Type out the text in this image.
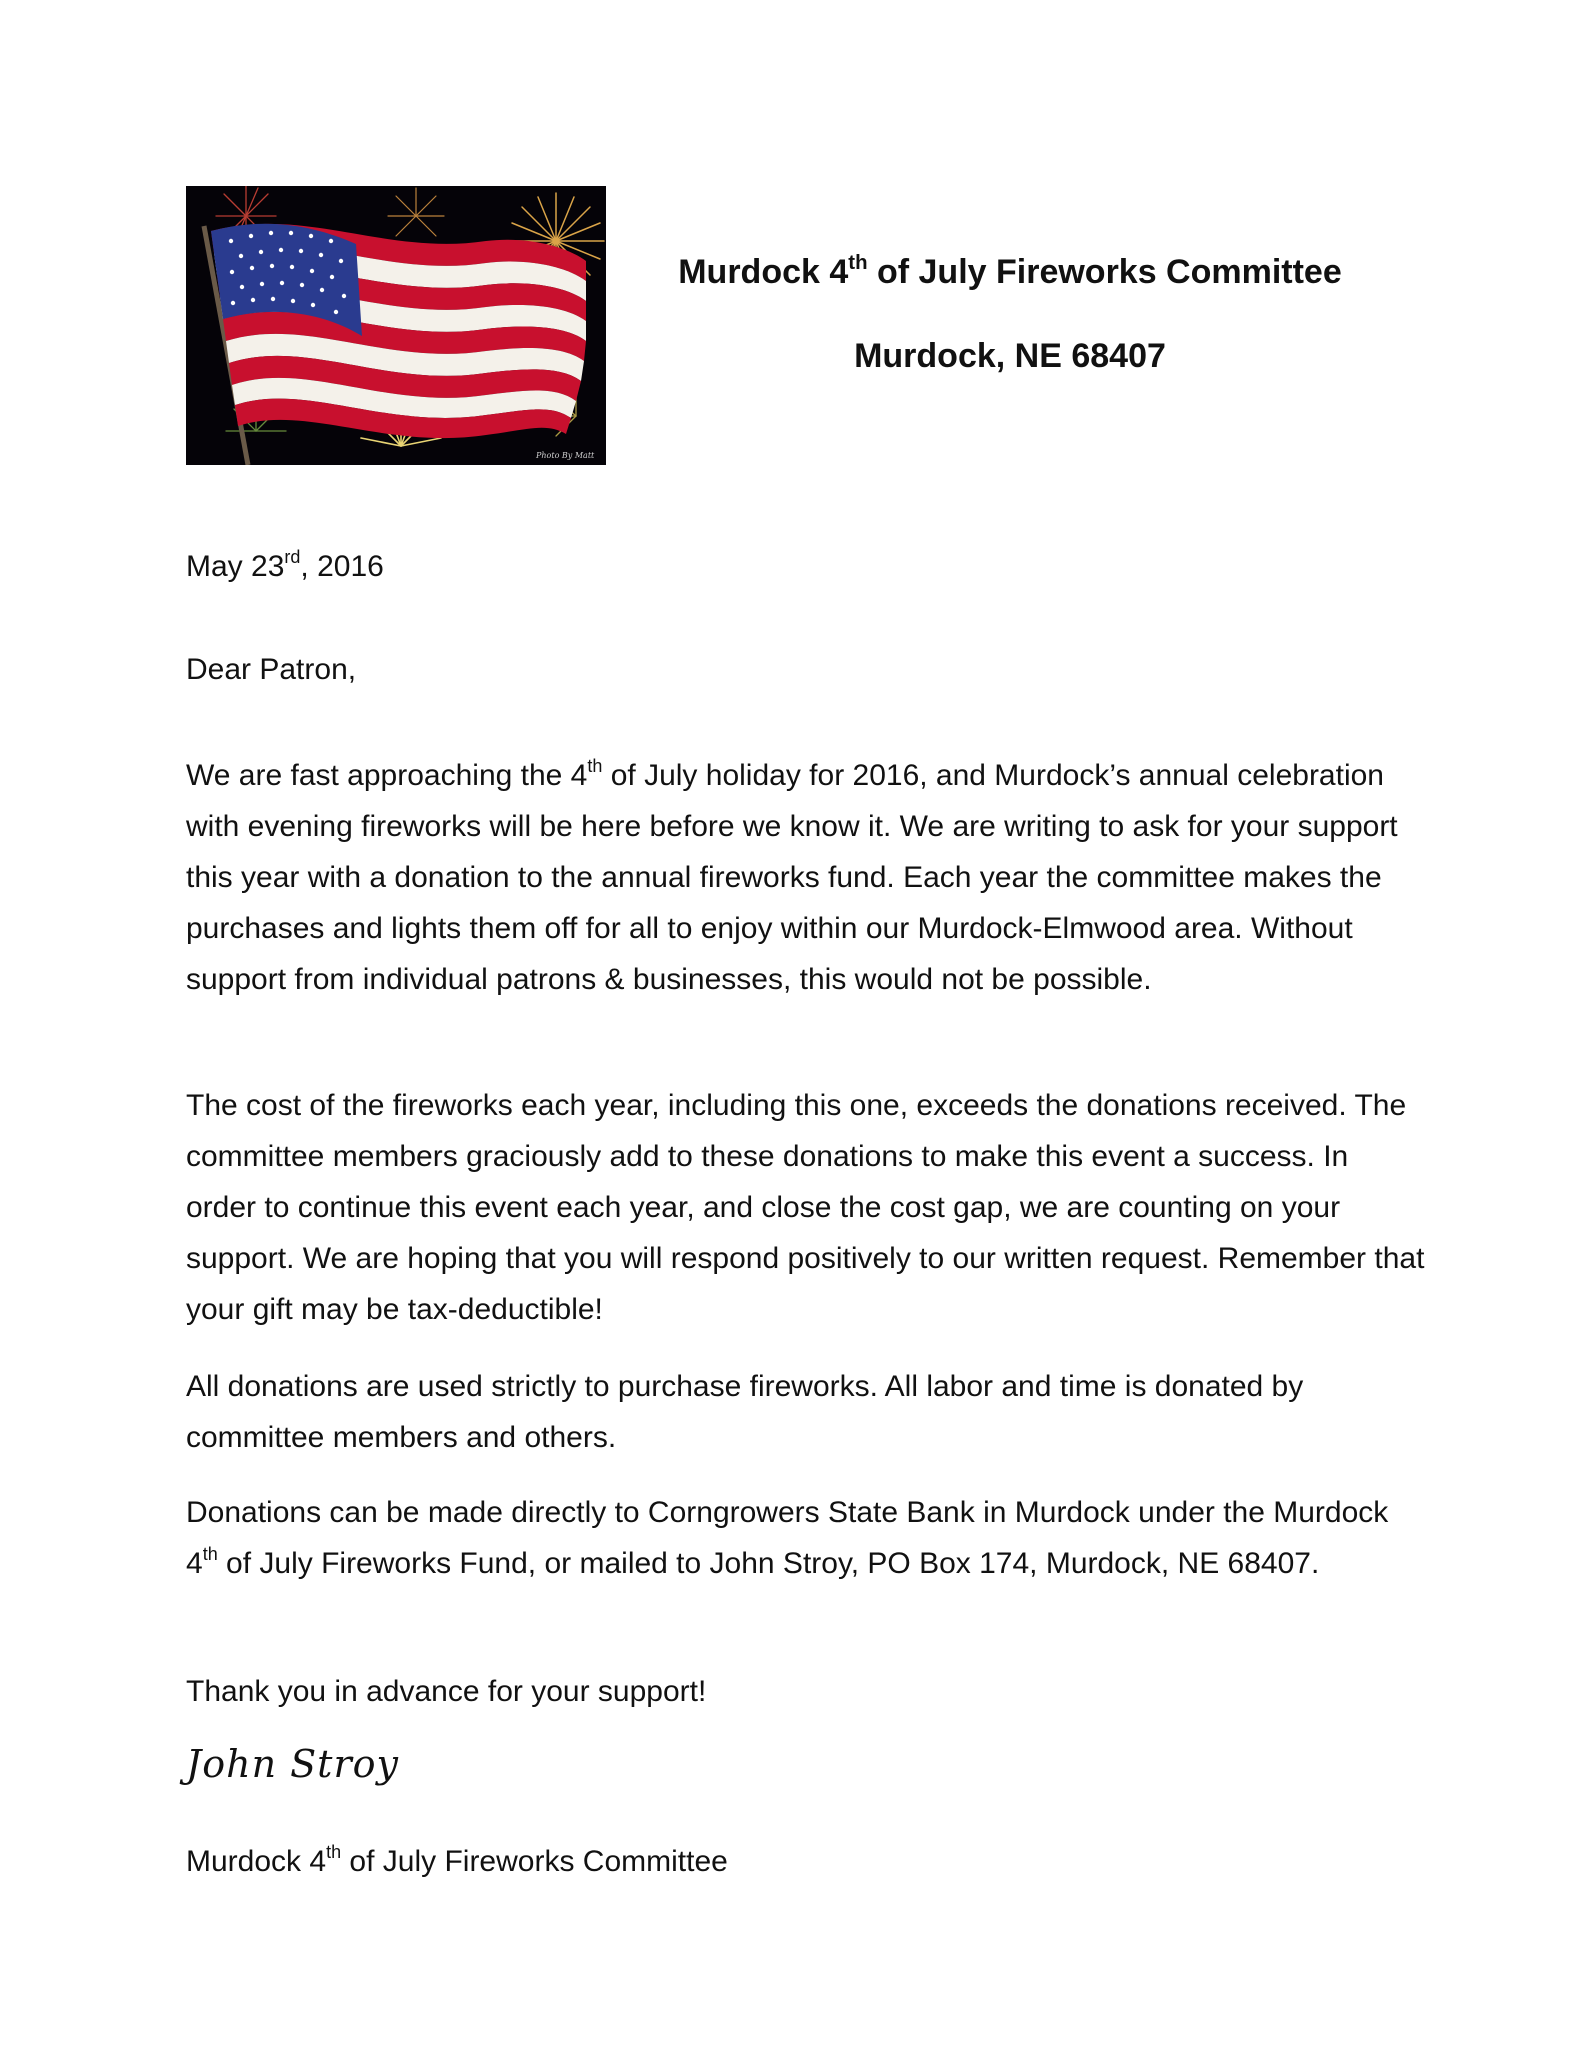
Photo By Matt
Murdock 4th of July Fireworks Committee
Murdock, NE 68407
May 23rd, 2016
Dear Patron,

We are fast approaching the 4th of July holiday for 2016, and Murdock’s annual celebration with evening fireworks will be here before we know it. We are writing to ask for your support this year with a donation to the annual fireworks fund. Each year the committee makes the purchases and lights them off for all to enjoy within our Murdock-Elmwood area. Without support from individual patrons & businesses, this would not be possible.

The cost of the fireworks each year, including this one, exceeds the donations received. The committee members graciously add to these donations to make this event a success. In order to continue this event each year, and close the cost gap, we are counting on your support. We are hoping that you will respond positively to our written request. Remember that your gift may be tax-deductible!

All donations are used strictly to purchase fireworks. All labor and time is donated by committee members and others.

Donations can be made directly to Corngrowers State Bank in Murdock under the Murdock 4th of July Fireworks Fund, or mailed to John Stroy, PO Box 174, Murdock, NE 68407.

Thank you in advance for your support!

John Stroy
Murdock 4th of July Fireworks Committee
